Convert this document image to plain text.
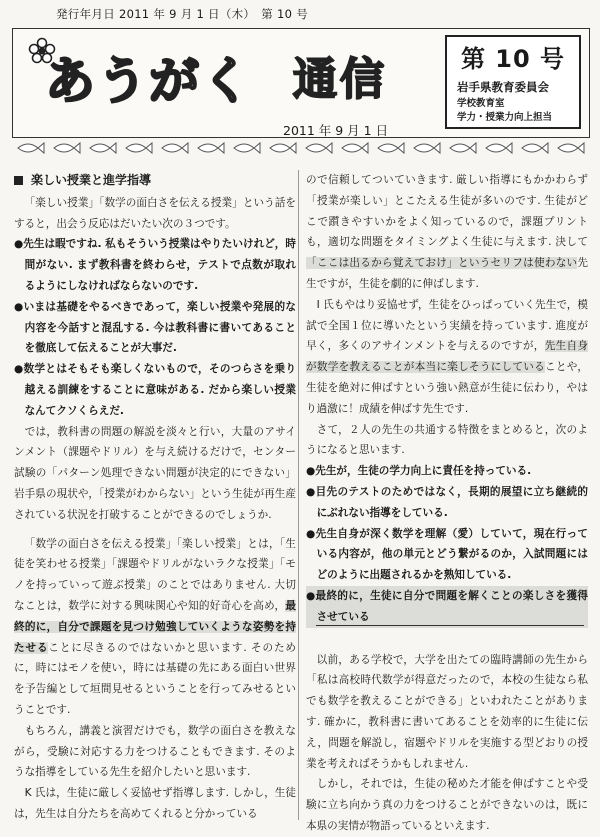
発行年月日 2011 年 9 月 1 日（木）　第 10 号
あうがく 通信
2011 年 9 月 1 日
第 10 号
岩手県教育委員会
学校教育室
学力・授業力向上担当
楽しい授業と進学指導

「楽しい授業」「数学の面白さを伝える授業」という話をすると，出会う反応はだいたい次の３つです。

●先生は暇ですね. 私もそういう授業はやりたいけれど，時間がない. まず教科書を終わらせ，テストで点数が取れるようにしなければならないのです.
●いまは基礎をやるべきであって，楽しい授業や発展的な内容を今話すと混乱する. 今は教科書に書いてあることを徹底して伝えることが大事だ.
●数学とはそもそも楽しくないもので，そのつらさを乗り越える訓練をすることに意味がある. だから楽しい授業なんてクソくらえだ.

では，教科書の問題の解説を淡々と行い，大量のアサインメント（課題やドリル）を与え続けるだけで，センター試験の「パターン処理できない問題が決定的にできない」岩手県の現状や，「授業がわからない」という生徒が再生産されている状況を打破することができるのでしょうか.

「数学の面白さを伝える授業」「楽しい授業」とは，「生徒を笑わせる授業」「課題やドリルがないラクな授業」「モノを持っていって遊ぶ授業」のことではありません. 大切なことは，数学に対する興味関心や知的好奇心を高め，最終的に，自分で課題を見つけ勉強していくような姿勢を持たせることに尽きるのではないかと思います. そのために，時にはモノを使い，時には基礎の先にある面白い世界を予告編として垣間見せるということを行ってみせるということです.

もちろん，講義と演習だけでも，数学の面白さを教えながら，受験に対応する力をつけることもできます. そのような指導をしている先生を紹介したいと思います.

K 氏は，生徒に厳しく妥協せず指導します. しかし，生徒は，先生は自分たちを高めてくれると分かっている

ので信頼してついていきます. 厳しい指導にもかかわらず「授業が楽しい」とこたえる生徒が多いのです. 生徒がどこで躓きやすいかをよく知っているので，課題プリントも，適切な問題をタイミングよく生徒に与えます. 決して「ここは出るから覚えておけ」というセリフは使わない先生ですが，生徒を劇的に伸ばします.

I 氏もやはり妥協せず，生徒をひっぱっていく先生で，模試で全国１位に導いたという実績を持っています. 進度が早く，多くのアサインメントを与えるのですが，先生自身が数学を教えることが本当に楽しそうにしていることや，生徒を絶対に伸ばすという強い熱意が生徒に伝わり，やはり過激に！成績を伸ばす先生です.

さて，２人の先生の共通する特徴をまとめると，次のようになると思います.

●先生が，生徒の学力向上に責任を持っている.
●目先のテストのためではなく，長期的展望に立ち継続的にぶれない指導をしている.
●先生自身が深く数学を理解（愛）していて，現在行っている内容が，他の単元とどう繋がるのか，入試問題にはどのように出題されるかを熟知している.
●最終的に，生徒に自分で問題を解くことの楽しさを獲得させている

以前，ある学校で，大学を出たての臨時講師の先生から「私は高校時代数学が得意だったので，本校の生徒なら私でも数学を教えることができる」といわれたことがあります. 確かに，教科書に書いてあることを効率的に生徒に伝え，問題を解説し，宿題やドリルを実施する型どおりの授業を考えればそうかもしれません.

しかし，それでは，生徒の秘めた才能を伸ばすことや受験に立ち向かう真の力をつけることができないのは，既に本県の実情が物語っているといえます.
